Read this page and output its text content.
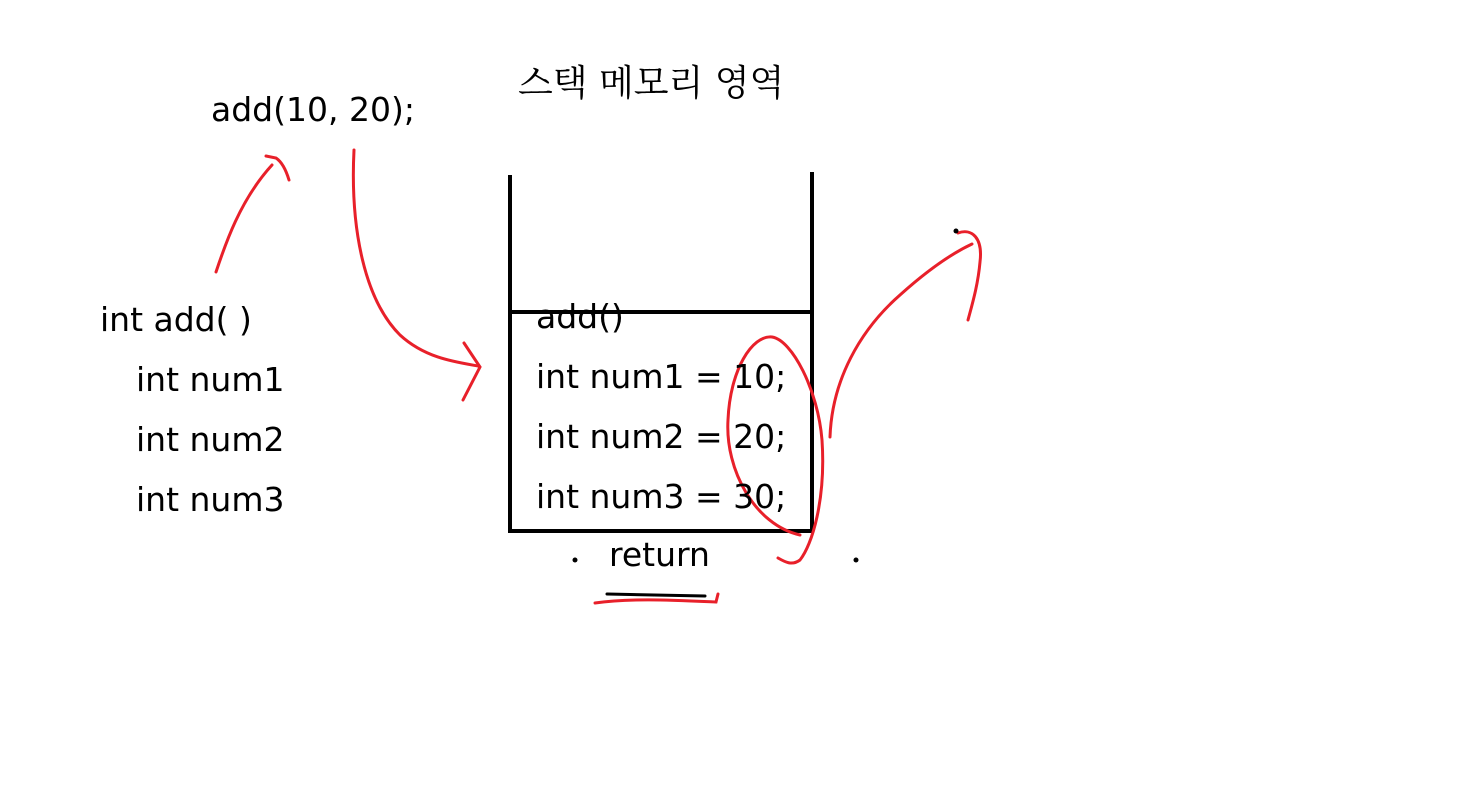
스택 메모리 영역
add(10, 20);
int add( )
int num1
int num2
int num3
add()
int num1 = 10;
int num2 = 20;
int num3 = 30;
return
